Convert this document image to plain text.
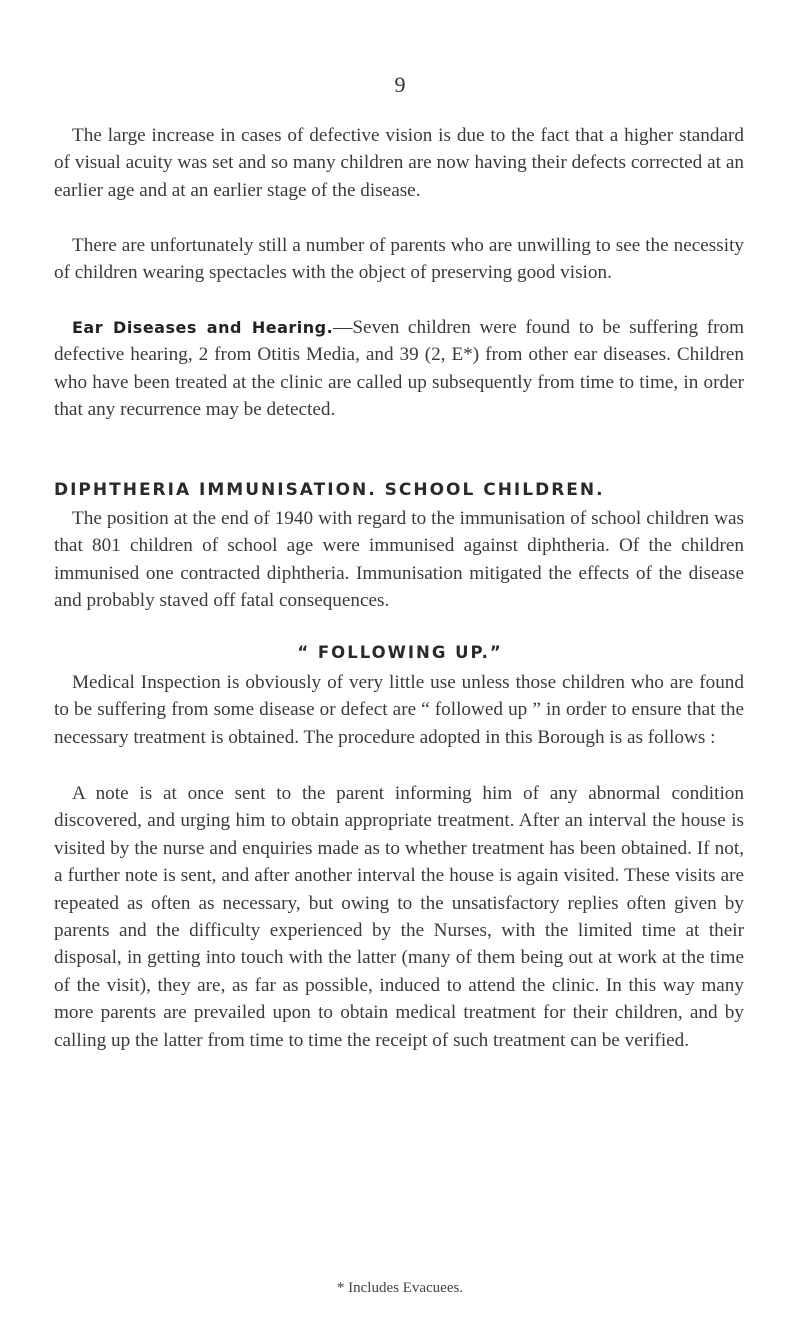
9

The large increase in cases of defective vision is due to the fact that a higher standard of visual acuity was set and so many children are now having their defects corrected at an earlier age and at an earlier stage of the disease.

There are unfortunately still a number of parents who are unwilling to see the necessity of children wearing spectacles with the object of preserving good vision.

Ear Diseases and Hearing.—Seven children were found to be suffering from defective hearing, 2 from Otitis Media, and 39 (2, E*) from other ear diseases. Children who have been treated at the clinic are called up subsequently from time to time, in order that any recurrence may be detected.

DIPHTHERIA IMMUNISATION. SCHOOL CHILDREN.

The position at the end of 1940 with regard to the immunisation of school children was that 801 children of school age were immunised against diphtheria. Of the children immunised one contracted diphtheria. Immunisation mitigated the effects of the disease and probably staved off fatal consequences.

“ FOLLOWING UP.”

Medical Inspection is obviously of very little use unless those children who are found to be suffering from some disease or defect are “ followed up ” in order to ensure that the necessary treatment is obtained. The procedure adopted in this Borough is as follows :

A note is at once sent to the parent informing him of any abnormal condition discovered, and urging him to obtain appropriate treatment. After an interval the house is visited by the nurse and enquiries made as to whether treatment has been obtained. If not, a further note is sent, and after another interval the house is again visited. These visits are repeated as often as necessary, but owing to the unsatisfactory replies often given by parents and the difficulty experienced by the Nurses, with the limited time at their disposal, in getting into touch with the latter (many of them being out at work at the time of the visit), they are, as far as possible, induced to attend the clinic. In this way many more parents are prevailed upon to obtain medical treatment for their children, and by calling up the latter from time to time the receipt of such treatment can be verified.

* Includes Evacuees.
